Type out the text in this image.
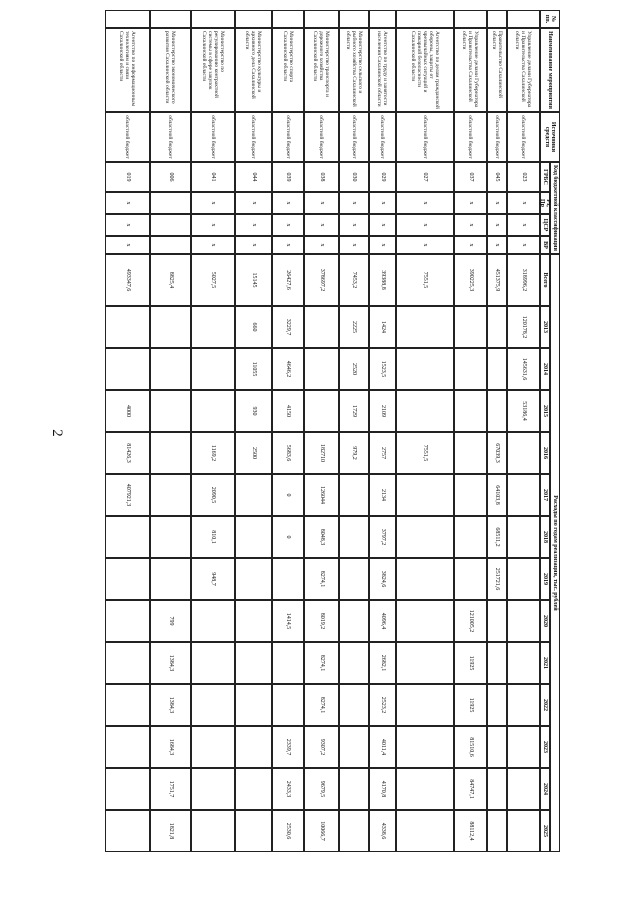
2
№ пп.
Наименование мероприятия
Источники средств
Код бюджетной классификации
ГРБС
Рз, Пр
ЦСР
ВР
Расходы по годам реализации, тыс. рублей
Всего
2013
2014
2015
2016
2017
2018
2019
2020
2021
2022
2023
2024
2025
Управление делами Губернатора и Правительства Сахалинской области
областной бюджет
023
x
x
x
318996,2
120178,2
145631,6
53186,4
Правительство Сахалинской области
областной бюджет
045
x
x
x
451375,9
67039,3
64103,8
68511,2
251721,6
Управление делами Губернатора и Правительства Сахалинской области
областной бюджет
037
x
x
x
390225,3
121005,2
11925
11925
81510,6
84747,1
88112,4
Агентство по делам гражданской обороны, защиты от чрезвычайных ситуаций и пожарной безопасности Сахалинской области
областной бюджет
027
x
x
x
7551,5
7551,5
Агентство по труду и занятости населения Сахалинской области
областной бюджет
029
x
x
x
39388,8
1424
1523,5
2109
2757
2134
3797,2
3824,6
4096,4
2682,1
2523,2
4011,4
4170,8
4338,6
Министерство сельского и рыбного хозяйства Сахалинской области
областной бюджет
030
x
x
x
7453,2
2225
2520
1729
979,2
Министерство транспорта и дорожного хозяйства Сахалинской области
областной бюджет
038
x
x
x
378697,2
182710
126044
8048,3
8274,1
8019,2
8274,1
8274,1
9307,2
9679,5
10066,7
Министерство спорта Сахалинской области
областной бюджет
039
x
x
x
26427,6
3229,7
4646,2
4150
5683,6
0
0
1414,5
2339,7
2433,3
2530,6
Министерство культуры и архивного дела Сахалинской области
областной бюджет
044
x
x
x
15145
660
11055
930
2500
Министерство по регулированию контрактной системы в сфере закупок Сахалинской области
областной бюджет
041
x
x
x
5027,5
1169,2
2090,5
810,1
948,7
Министерство экономического развития Сахалинской области
областной бюджет
006
8825,4
799
1384,3
1384,3
1684,3
1751,7
1821,8
Агентство по информационным технологиям и связи Сахалинской области
областной бюджет
019
x
x
x
493347,6
4000
81426,3
407921,3
